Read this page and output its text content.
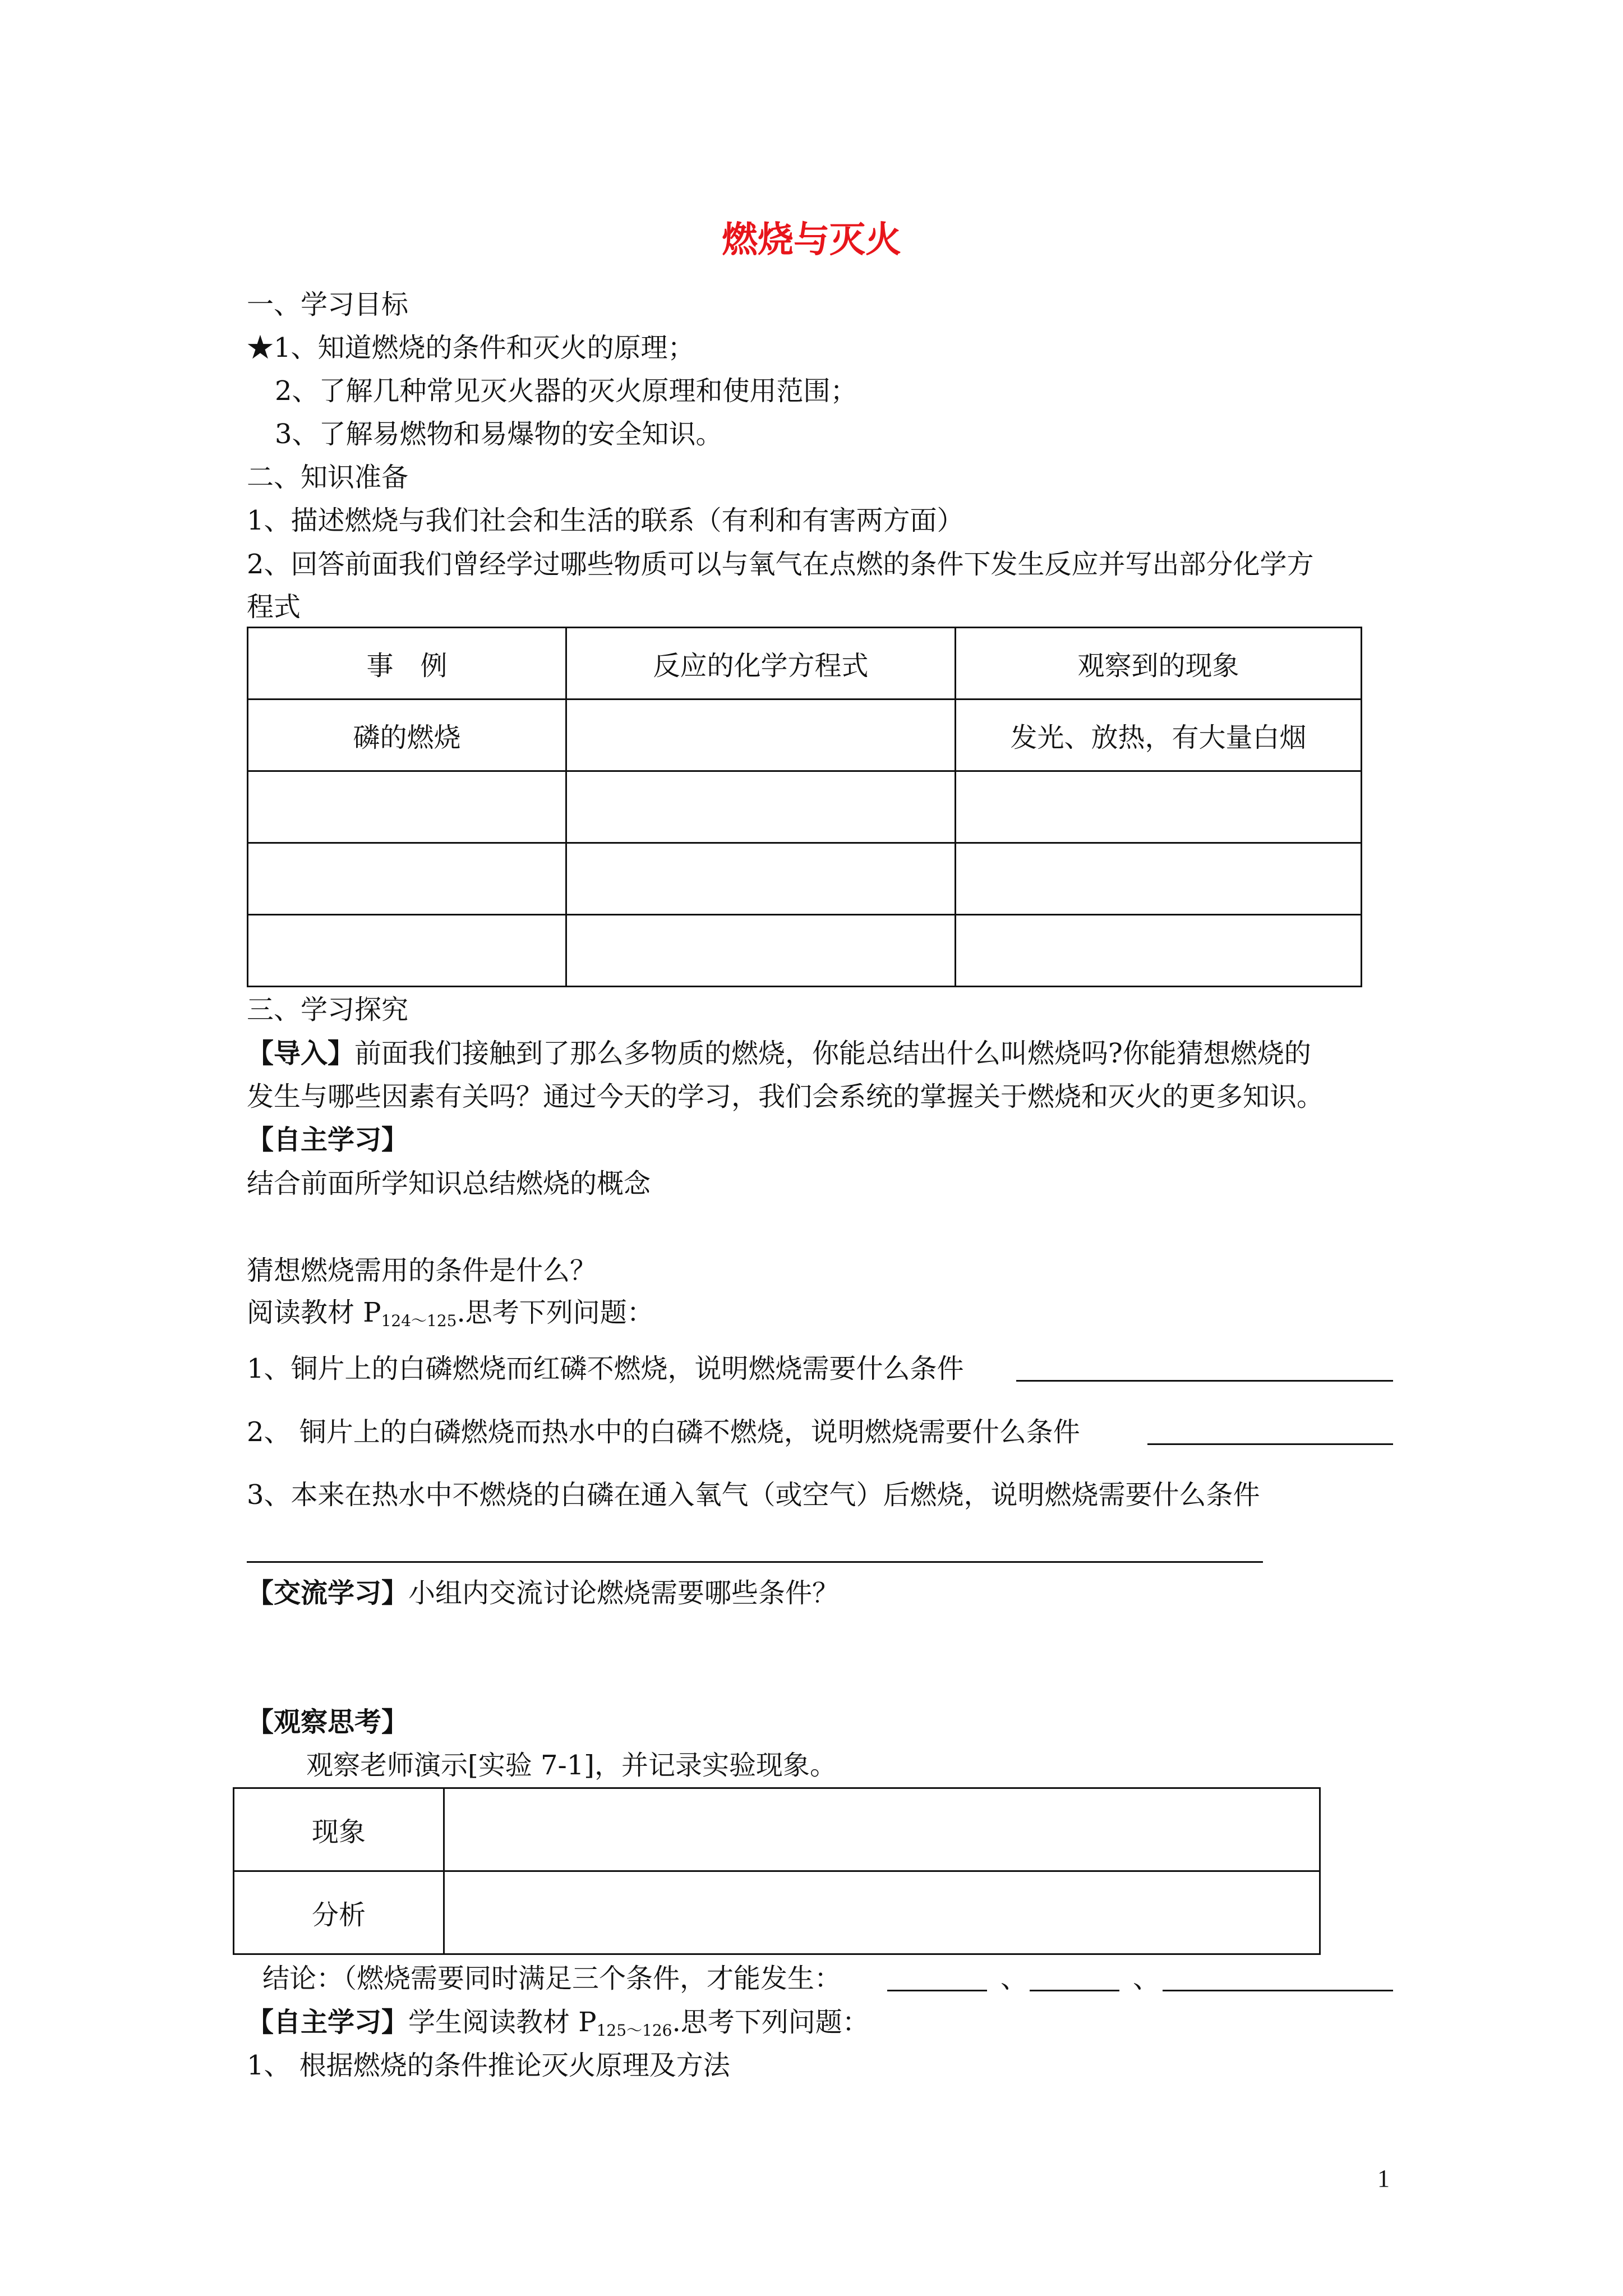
燃烧与灭火
一、学习目标
★1、知道燃烧的条件和灭火的原理；
2、了解几种常见灭火器的灭火原理和使用范围；
3、了解易燃物和易爆物的安全知识。
二、知识准备
1、描述燃烧与我们社会和生活的联系（有利和有害两方面）
2、回答前面我们曾经学过哪些物质可以与氧气在点燃的条件下发生反应并写出部分化学方
程式
事　例	反应的化学方程式	观察到的现象
磷的燃烧		发光、放热，有大量白烟

三、学习探究
【导入】前面我们接触到了那么多物质的燃烧，你能总结出什么叫燃烧吗?你能猜想燃烧的
发生与哪些因素有关吗？通过今天的学习，我们会系统的掌握关于燃烧和灭火的更多知识。
【自主学习】
结合前面所学知识总结燃烧的概念
猜想燃烧需用的条件是什么？
阅读教材 $P_{124\sim 125}$.思考下列问题：
1、铜片上的白磷燃烧而红磷不燃烧，说明燃烧需要什么条件
2、 铜片上的白磷燃烧而热水中的白磷不燃烧，说明燃烧需要什么条件
3、本来在热水中不燃烧的白磷在通入氧气（或空气）后燃烧，说明燃烧需要什么条件
【交流学习】小组内交流讨论燃烧需要哪些条件？
【观察思考】
观察老师演示[实验 7-1]，并记录实验现象。
现象	
分析	
结论：（燃烧需要同时满足三个条件，才能发生：	、	、
【自主学习】学生阅读教材 $P_{125\sim 126}$.思考下列问题：
1、 根据燃烧的条件推论灭火原理及方法
1
